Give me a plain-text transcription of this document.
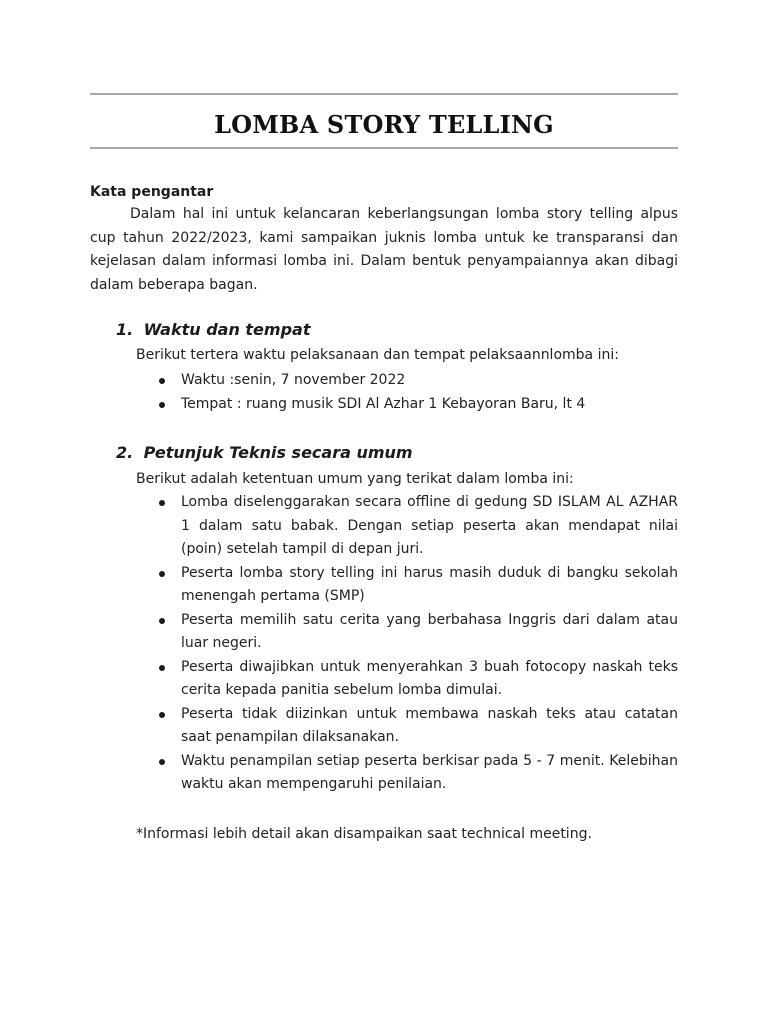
LOMBA STORY TELLING

Kata pengantar

Dalam hal ini untuk kelancaran keberlangsungan lomba story telling alpus cup tahun 2022/2023, kami sampaikan juknis lomba untuk ke transparansi dan kejelasan dalam informasi lomba ini. Dalam bentuk penyampaiannya akan dibagi dalam beberapa bagan.

1. Waktu dan tempat

Berikut tertera waktu pelaksanaan dan tempat pelaksaannlomba ini:

Waktu :senin, 7 november 2022
Tempat : ruang musik SDI Al Azhar 1 Kebayoran Baru, lt 4
2. Petunjuk Teknis secara umum

Berikut adalah ketentuan umum yang terikat dalam lomba ini:

Lomba diselenggarakan secara offline di gedung SD ISLAM AL AZHAR 1 dalam satu babak. Dengan setiap peserta akan mendapat nilai (poin) setelah tampil di depan juri.
Peserta lomba story telling ini harus masih duduk di bangku sekolah menengah pertama (SMP)
Peserta memilih satu cerita yang berbahasa Inggris dari dalam atau luar negeri.
Peserta diwajibkan untuk menyerahkan 3 buah fotocopy naskah teks cerita kepada panitia sebelum lomba dimulai.
Peserta tidak diizinkan untuk membawa naskah teks atau catatan saat penampilan dilaksanakan.
Waktu penampilan setiap peserta berkisar pada 5 - 7 menit. Kelebihan waktu akan mempengaruhi penilaian.

*Informasi lebih detail akan disampaikan saat technical meeting.
